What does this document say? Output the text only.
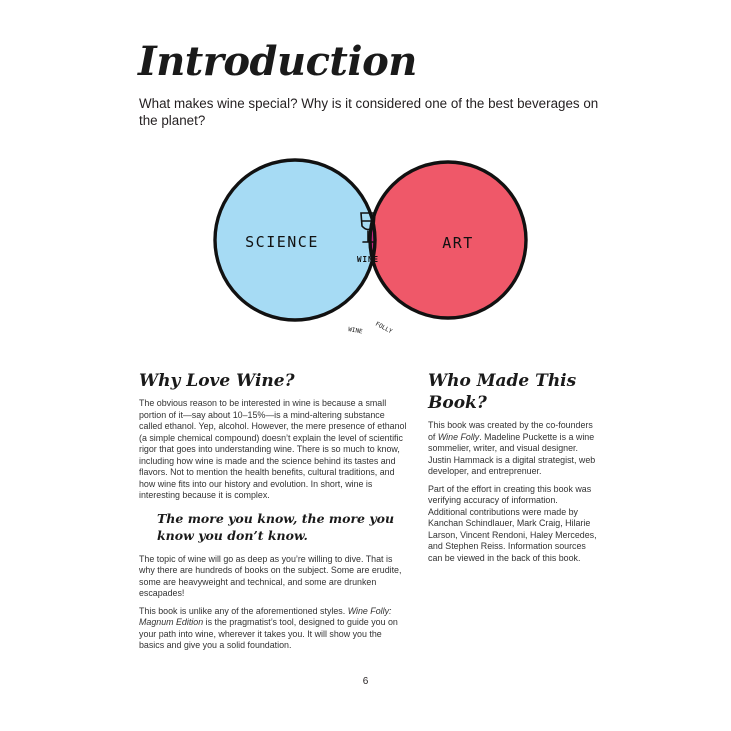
Introduction

What makes wine special? Why is it considered one of the best beverages on the planet?

SCIENCE	ART
WINE
WINE FOLLY
Why Love Wine?

The obvious reason to be interested in wine is because a small portion of it—say about 10–15%—is a mind-altering substance called ethanol. Yep, alcohol. However, the mere presence of ethanol (a simple chemical compound) doesn’t explain the level of scientific rigor that goes into understanding wine. There is so much to know, including how wine is made and the science behind its tastes and flavors. Not to mention the health benefits, cultural traditions, and how wine fits into our history and evolution. In short, wine is interesting because it is complex.

The more you know, the more you know you don’t know.

The topic of wine will go as deep as you’re willing to dive. That is why there are hundreds of books on the subject. Some are erudite, some are heavyweight and technical, and some are drunken escapades!

This book is unlike any of the aforementioned styles. Wine Folly: Magnum Edition is the pragmatist’s tool, designed to guide you on your path into wine, wherever it takes you. It will show you the basics and give you a solid foundation.

Who Made This Book?

This book was created by the co-founders of Wine Folly. Madeline Puckette is a wine sommelier, writer, and visual designer. Justin Hammack is a digital strategist, web developer, and entreprenuer.

Part of the effort in creating this book was verifying accuracy of information. Additional contributions were made by Kanchan Schindlauer, Mark Craig, Hilarie Larson, Vincent Rendoni, Haley Mercedes, and Stephen Reiss. Information sources can be viewed in the back of this book.

6
